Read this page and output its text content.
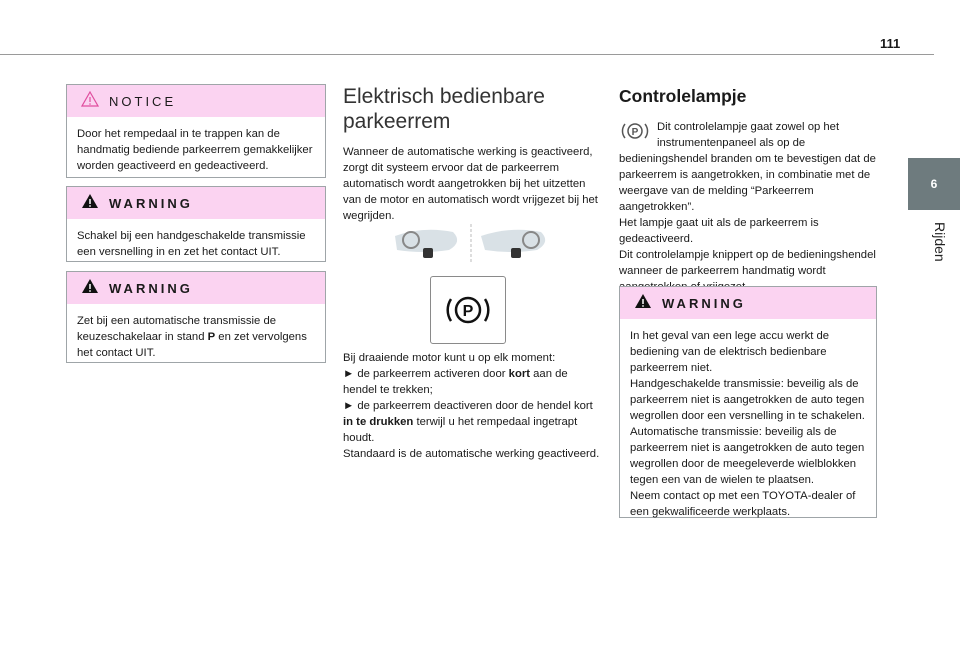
111
6
Rijden
NOTICE
Door het rempedaal in te trappen kan de handmatig bediende parkeerrem gemakkelijker worden geactiveerd en gedeactiveerd.
WARNING
Schakel bij een handgeschakelde transmissie een versnelling in en zet het contact UIT.
WARNING
Zet bij een automatische transmissie de keuzeschakelaar in stand P en zet vervolgens het contact UIT.
Elektrisch bedienbare parkeerrem

Wanneer de automatische werking is geactiveerd, zorgt dit systeem ervoor dat de parkeerrem automatisch wordt aangetrokken bij het uitzetten van de motor en automatisch wordt vrijgezet bij het wegrijden.

P

Bij draaiende motor kunt u op elk moment:

► de parkeerrem activeren door kort aan de hendel te trekken;

► de parkeerrem deactiveren door de hendel kort in te drukken terwijl u het rempedaal ingetrapt houdt.

Standaard is de automatische werking geactiveerd.

Controlelampje

P Dit controlelampje gaat zowel op het instrumentenpaneel als op de bedieningshendel branden om te bevestigen dat de parkeerrem is aangetrokken, in combinatie met de weergave van de melding “Parkeerrem aangetrokken”.

Het lampje gaat uit als de parkeerrem is gedeactiveerd.

Dit controlelampje knippert op de bedieningshendel wanneer de parkeerrem handmatig wordt

WARNING
In het geval van een lege accu werkt de bediening van de elektrisch bedienbare parkeerrem niet.
Handgeschakelde transmissie: beveilig als de parkeerrem niet is aangetrokken de auto tegen wegrollen door een versnelling in te schakelen.
Automatische transmissie: beveilig als de parkeerrem niet is aangetrokken de auto tegen wegrollen door de meegeleverde wielblokken tegen een van de wielen te plaatsen.
Neem contact op met een TOYOTA-dealer of een gekwalificeerde werkplaats.
